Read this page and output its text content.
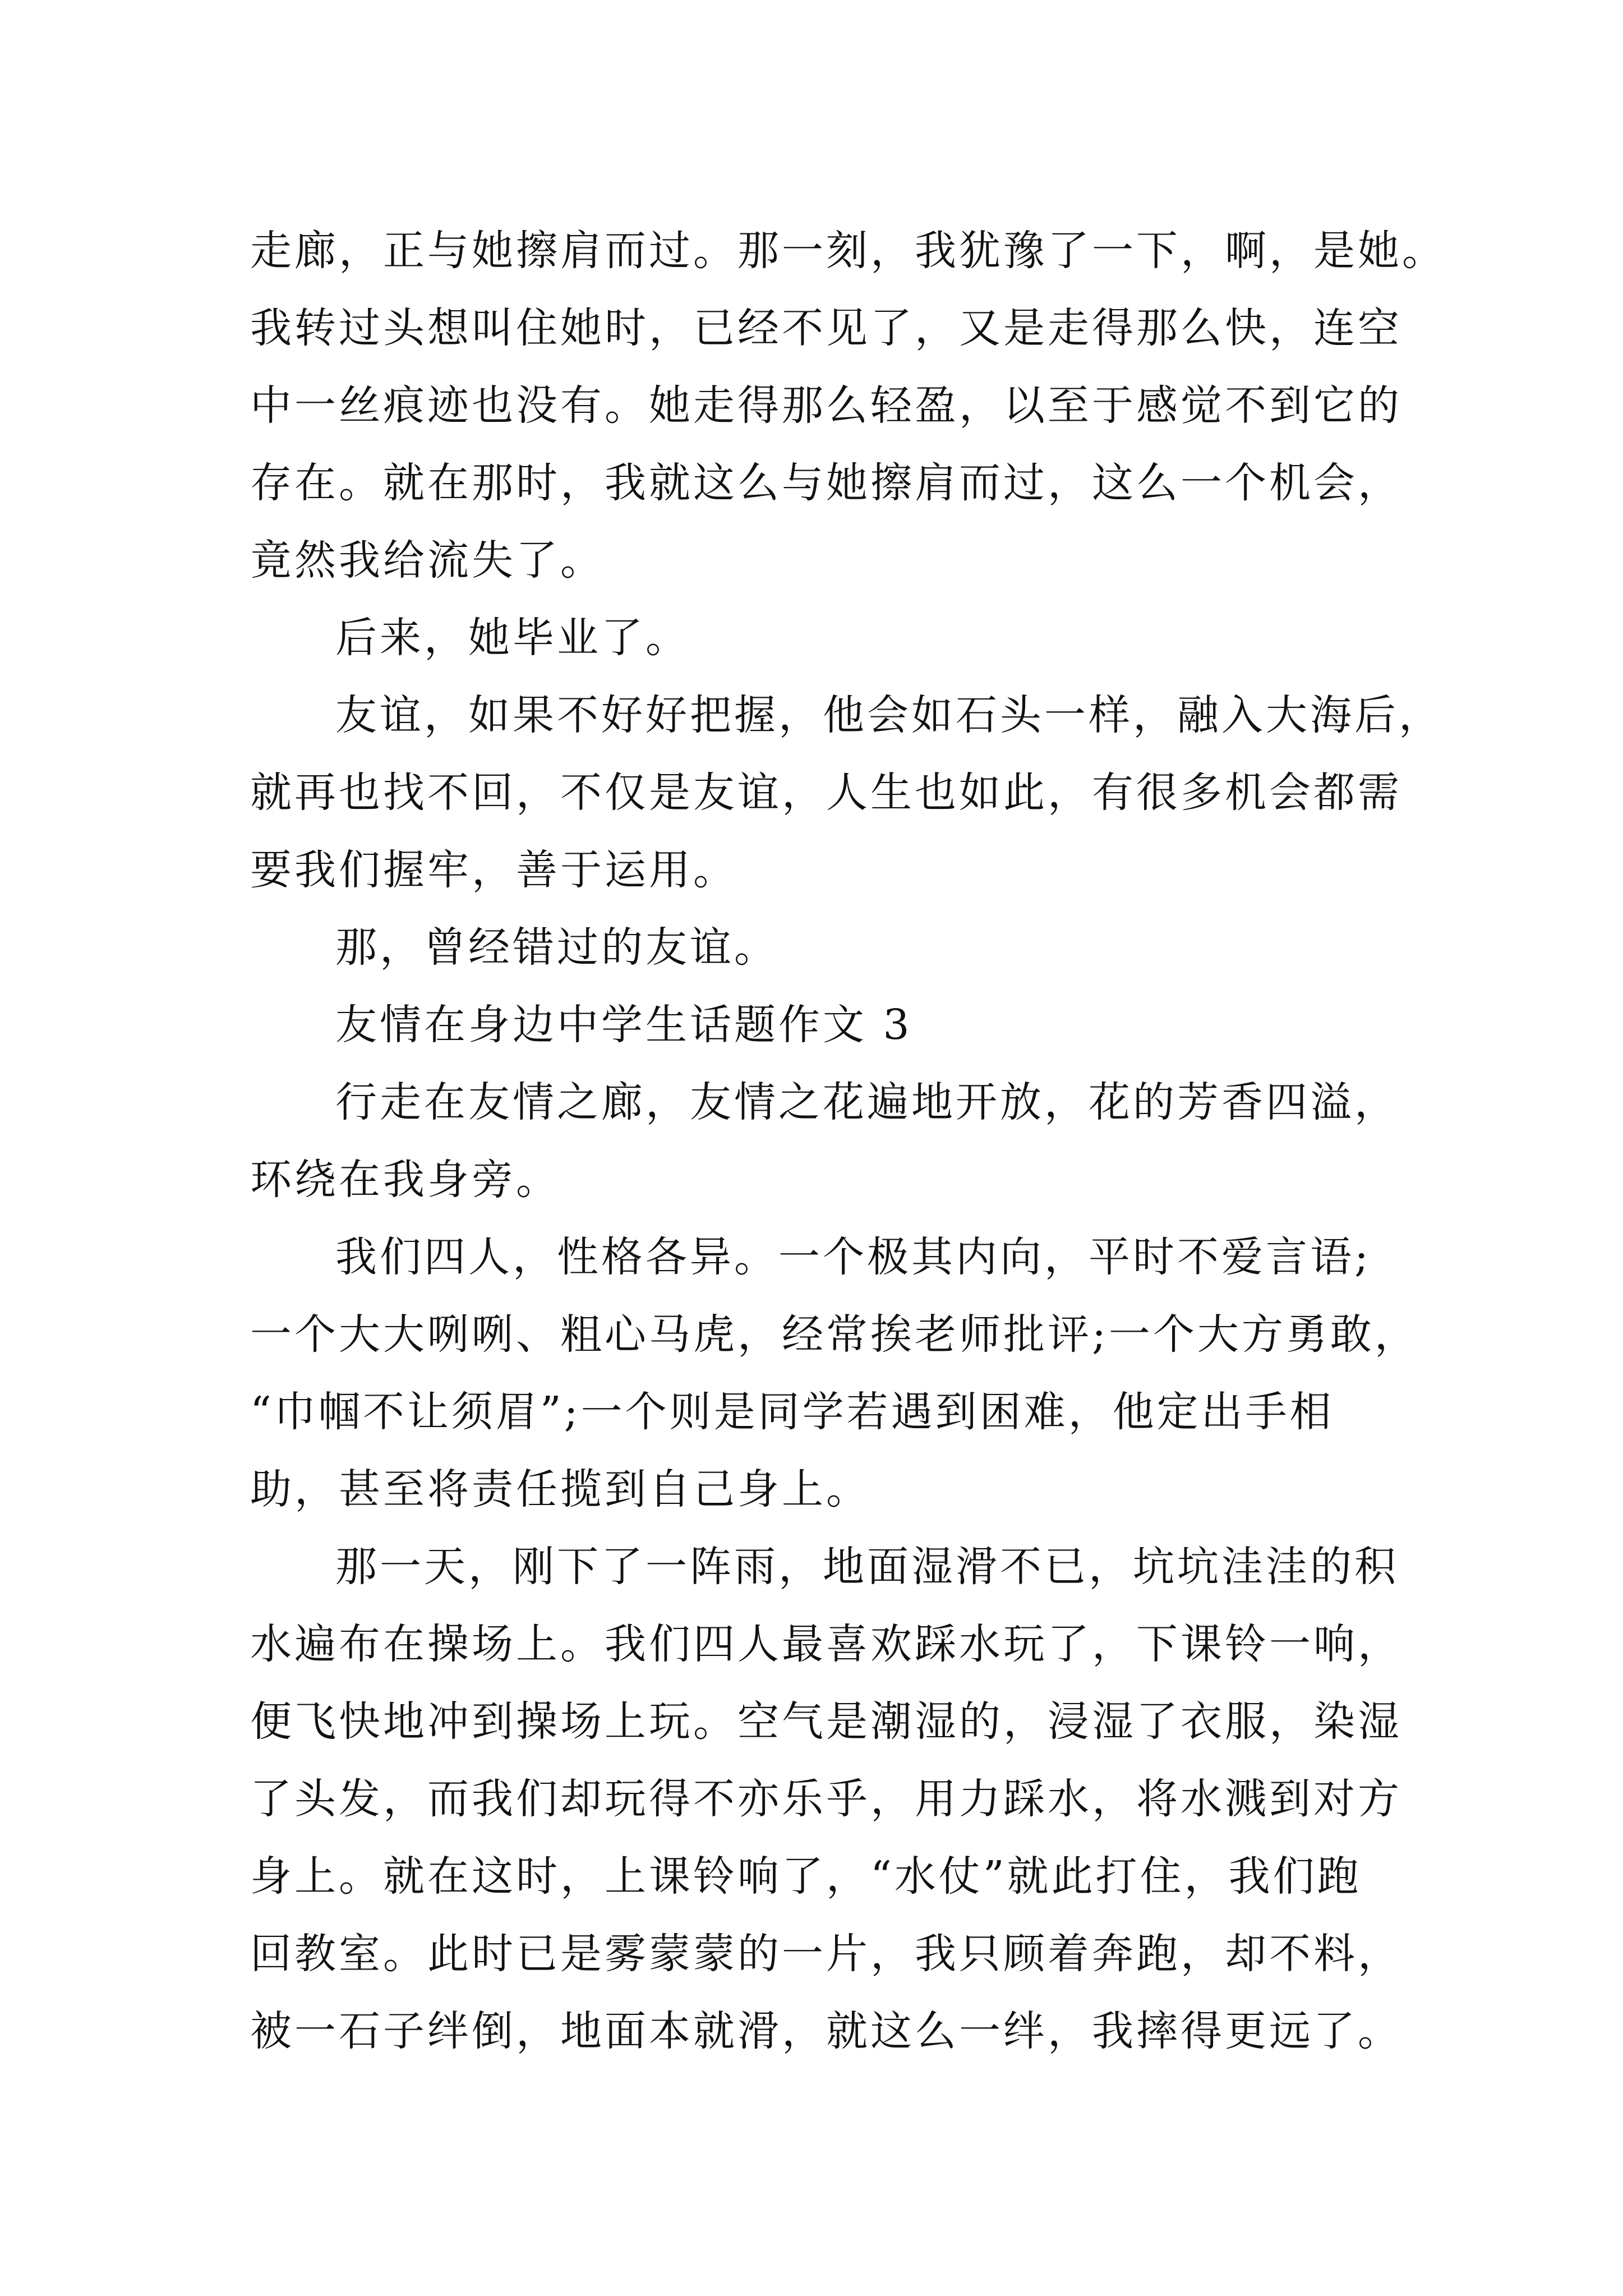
走廊，正与她擦肩而过。那一刻，我犹豫了一下，啊，是她。
我转过头想叫住她时，已经不见了，又是走得那么快，连空
中一丝痕迹也没有。她走得那么轻盈，以至于感觉不到它的
存在。就在那时，我就这么与她擦肩而过，这么一个机会，
竟然我给流失了。
后来，她毕业了。
友谊，如果不好好把握，他会如石头一样，融入大海后，
就再也找不回，不仅是友谊，人生也如此，有很多机会都需
要我们握牢，善于运用。
那，曾经错过的友谊。
友情在身边中学生话题作文 3
行走在友情之廊，友情之花遍地开放，花的芳香四溢，
环绕在我身旁。
我们四人，性格各异。一个极其内向，平时不爱言语;
一个大大咧咧、粗心马虎，经常挨老师批评;一个大方勇敢，
“巾帼不让须眉”;一个则是同学若遇到困难，他定出手相
助，甚至将责任揽到自己身上。
那一天，刚下了一阵雨，地面湿滑不已，坑坑洼洼的积
水遍布在操场上。我们四人最喜欢踩水玩了，下课铃一响，
便飞快地冲到操场上玩。空气是潮湿的，浸湿了衣服，染湿
了头发，而我们却玩得不亦乐乎，用力踩水，将水溅到对方
身上。就在这时，上课铃响了，“水仗”就此打住，我们跑
回教室。此时已是雾蒙蒙的一片，我只顾着奔跑，却不料，
被一石子绊倒，地面本就滑，就这么一绊，我摔得更远了。
